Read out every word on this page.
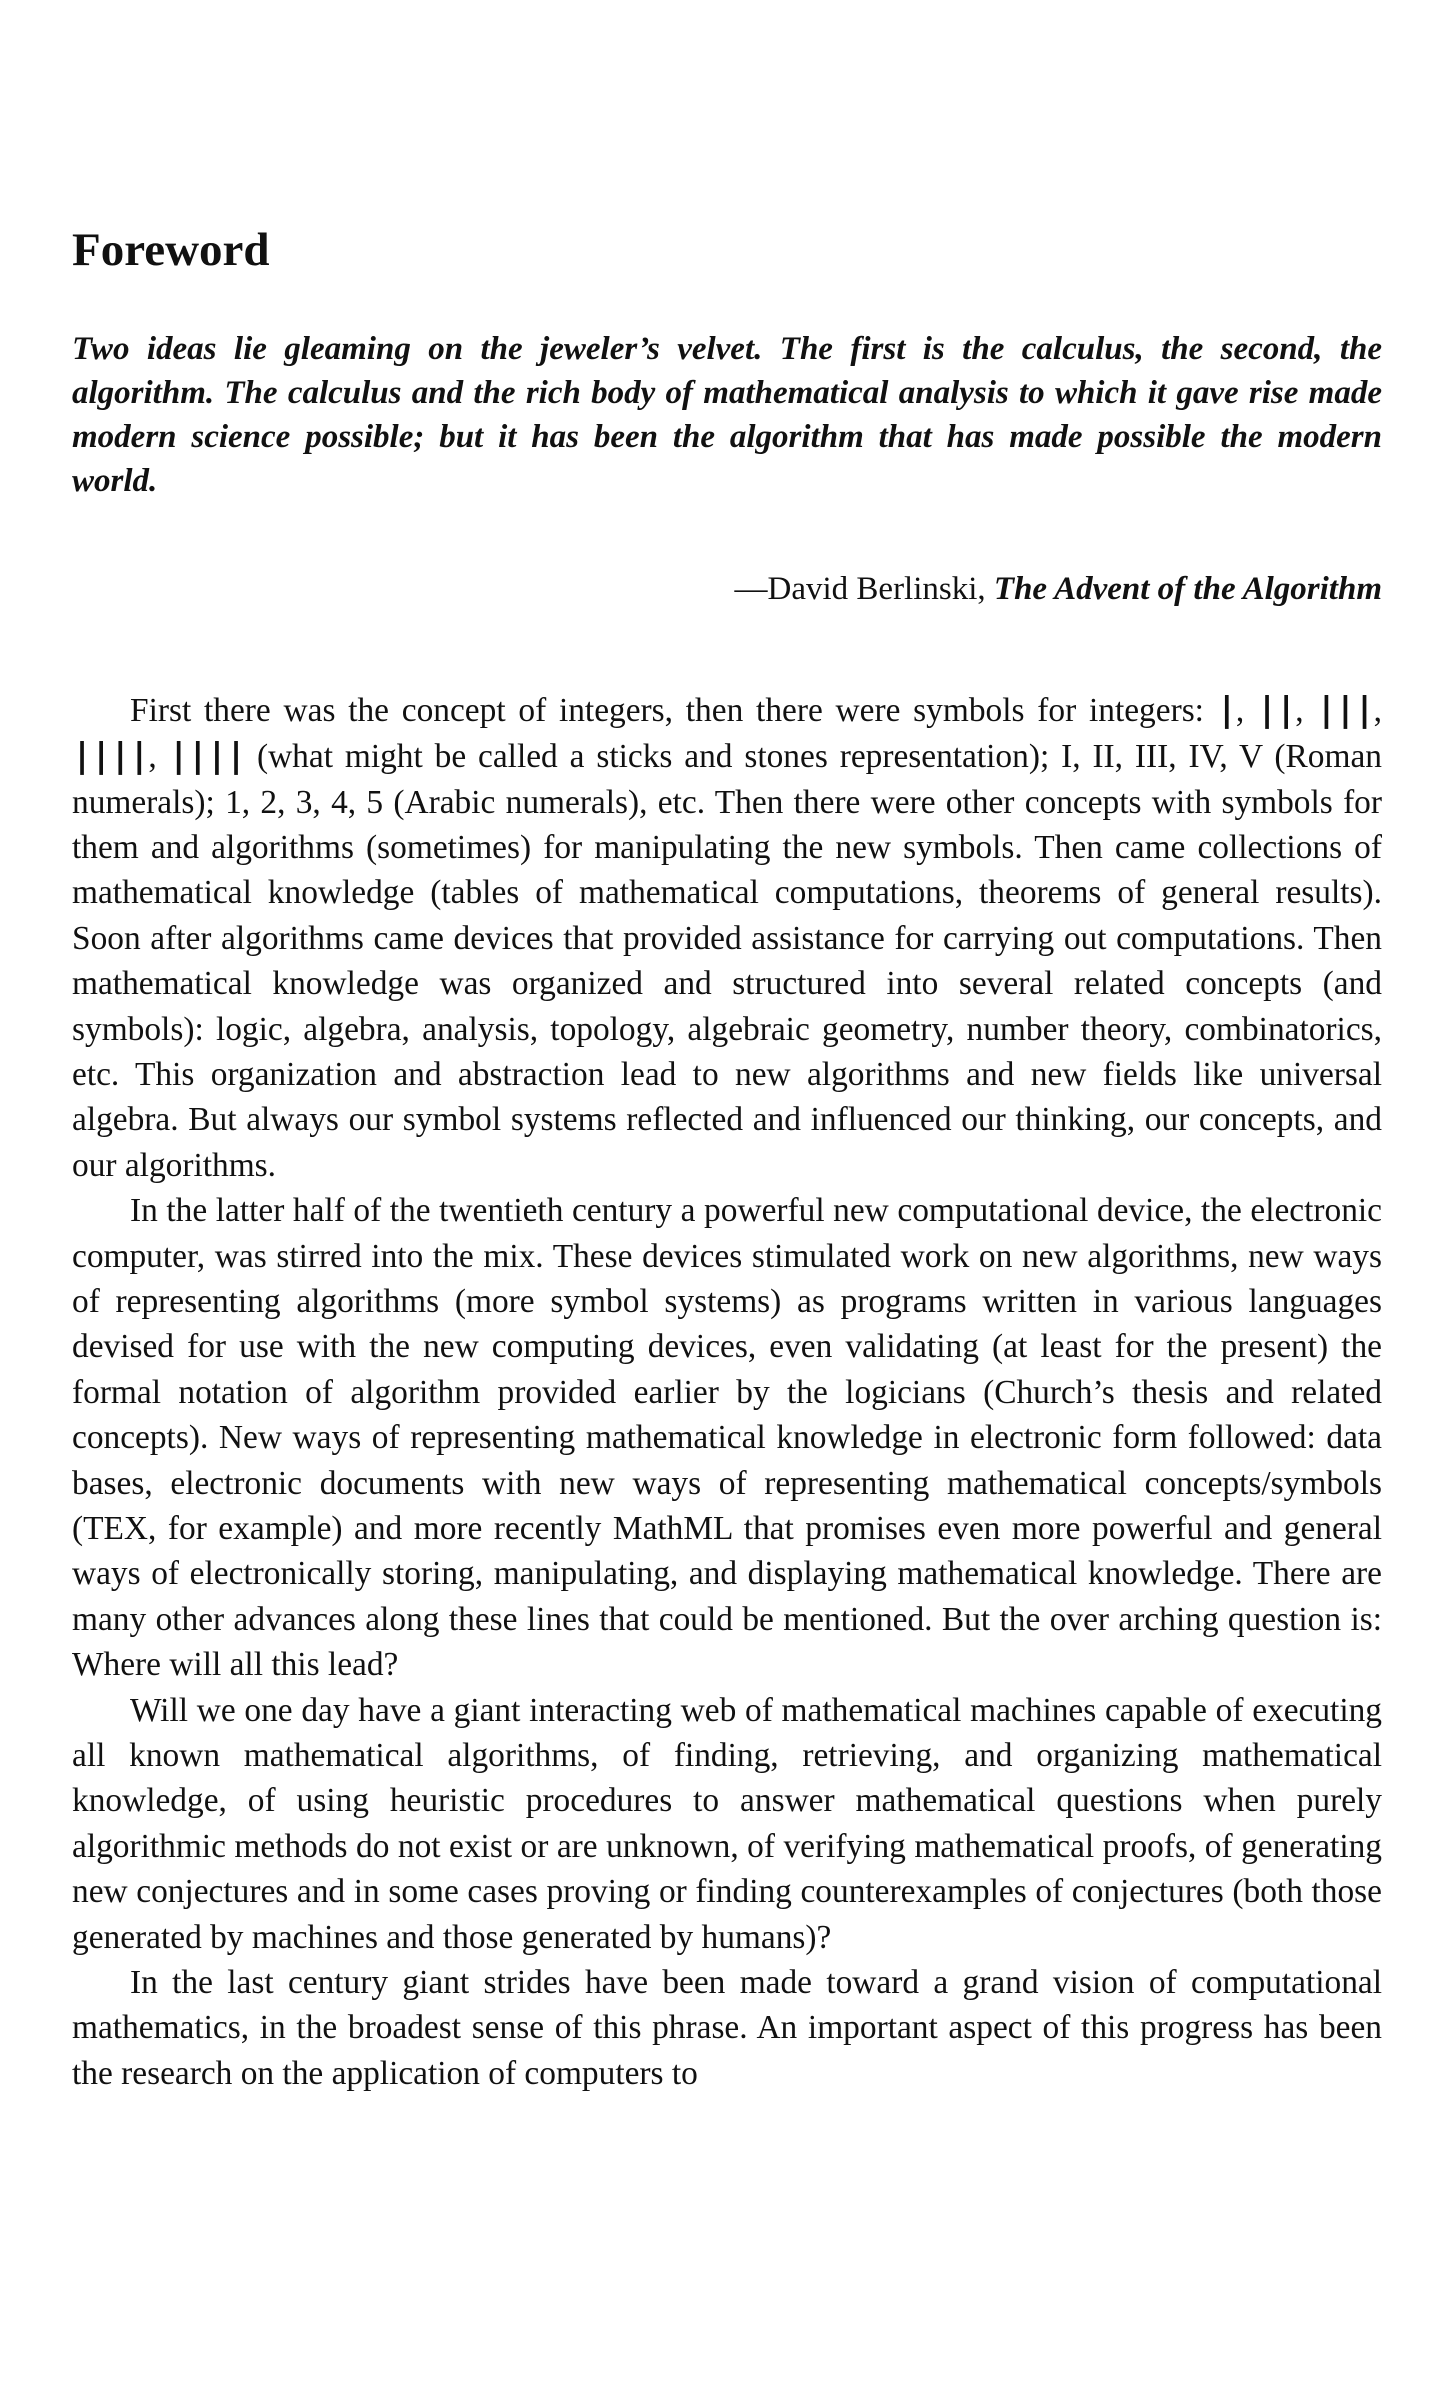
Foreword
Two ideas lie gleaming on the jeweler’s velvet. The first is the calculus, the second, the algorithm. The calculus and the rich body of mathematical analysis to which it gave rise made modern science possible; but it has been the algorithm that has made possible the modern world.
—David Berlinski, The Advent of the Algorithm

First there was the concept of integers, then there were symbols for integers: |, ||, |||, ||||, |||| (what might be called a sticks and stones representation); I, II, III, IV, V (Roman numerals); 1, 2, 3, 4, 5 (Arabic numerals), etc. Then there were other concepts with symbols for them and algorithms (sometimes) for manipulating the new symbols. Then came collections of mathematical knowledge (tables of mathematical computations, theorems of general results). Soon after algorithms came devices that provided assistance for carrying out computations. Then mathematical knowledge was organized and structured into several related concepts (and symbols): logic, algebra, analysis, topology, algebraic geometry, number theory, combinatorics, etc. This organization and abstraction lead to new algorithms and new fields like universal algebra. But always our symbol systems reflected and influenced our thinking, our concepts, and our algorithms.

In the latter half of the twentieth century a powerful new computational device, the electronic computer, was stirred into the mix. These devices stimulated work on new algorithms, new ways of representing algorithms (more symbol systems) as programs written in various languages devised for use with the new computing devices, even validating (at least for the present) the formal notation of algorithm provided earlier by the logicians (Church’s thesis and related concepts). New ways of representing mathematical knowledge in electronic form followed: data bases, electronic documents with new ways of representing mathematical concepts/symbols (TEX, for example) and more recently MathML that promises even more powerful and general ways of electronically storing, manipulating, and displaying mathematical knowledge. There are many other advances along these lines that could be mentioned. But the over arching question is: Where will all this lead?

Will we one day have a giant interacting web of mathematical machines capable of executing all known mathematical algorithms, of finding, retrieving, and organizing mathematical knowledge, of using heuristic procedures to answer mathematical questions when purely algorithmic methods do not exist or are unknown, of verifying mathematical proofs, of generating new conjectures and in some cases proving or finding counterexamples of conjectures (both those generated by machines and those generated by humans)?

In the last century giant strides have been made toward a grand vision of computational mathematics, in the broadest sense of this phrase. An important aspect of this progress has been the research on the application of computers to
